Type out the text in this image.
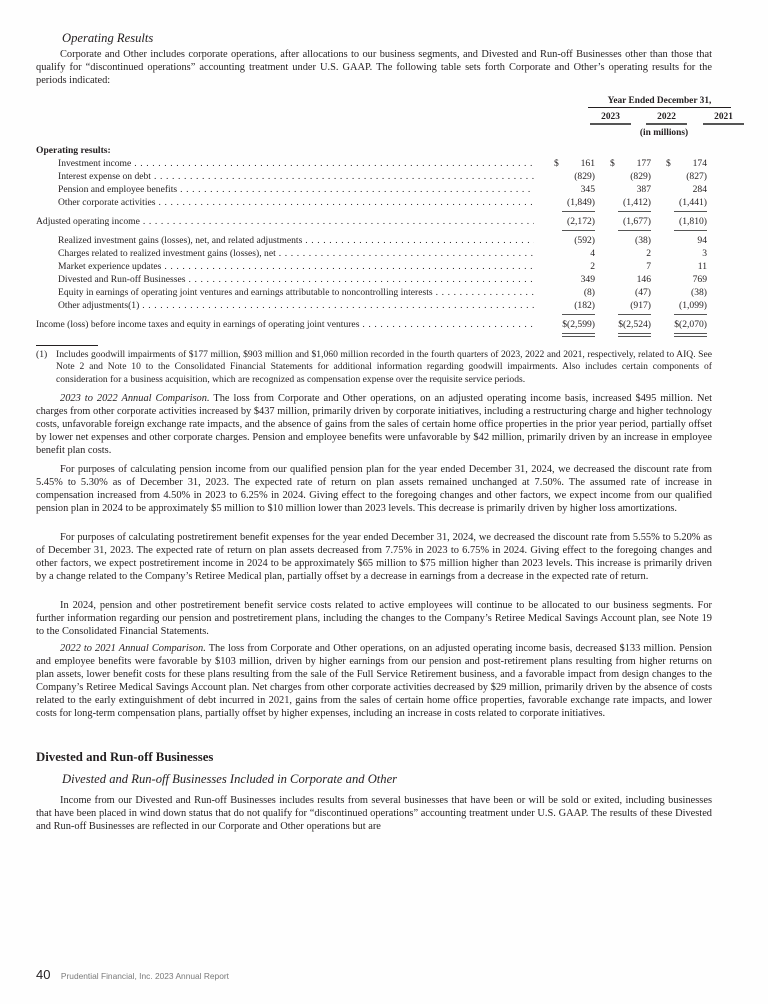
Operating Results
Corporate and Other includes corporate operations, after allocations to our business segments, and Divested and Run-off Businesses other than those that qualify for “discontinued operations” accounting treatment under U.S. GAAP. The following table sets forth Corporate and Other’s operating results for the periods indicated:
Year Ended December 31,
2023	2022	2021
(in millions)
Operating results:
Investment income . . .	$ 161 $ 177 $ 174
Interest expense on debt . . .	(829)	(829)	(827)
Pension and employee benefits . . .	345	387	284
Other corporate activities . . .	(1,849)	(1,412)	(1,441)
Adjusted operating income . . .	(2,172)	(1,677)	(1,810)
Realized investment gains (losses), net, and related adjustments . . .	(592)	(38)	94
Charges related to realized investment gains (losses), net . . .	4	2	3
Market experience updates . . .	2	7	11
Divested and Run-off Businesses . . .	349	146	769
Equity in earnings of operating joint ventures and earnings attributable to noncontrolling interests . . .	(8)	(47)	(38)
Other adjustments(1) . . .	(182)	(917)	(1,099)
Income (loss) before income taxes and equity in earnings of operating joint ventures . . .	$(2,599)	$(2,524)	$(2,070)
(1) Includes goodwill impairments of $177 million, $903 million and $1,060 million recorded in the fourth quarters of 2023, 2022 and 2021, respectively, related to AIQ. See Note 2 and Note 10 to the Consolidated Financial Statements for additional information regarding goodwill impairments. Also includes certain components of consideration for a business acquisition, which are recognized as compensation expense over the requisite service periods.
2023 to 2022 Annual Comparison. The loss from Corporate and Other operations, on an adjusted operating income basis, increased $495 million. Net charges from other corporate activities increased by $437 million, primarily driven by corporate initiatives, including a restructuring charge and higher technology costs, unfavorable foreign exchange rate impacts, and the absence of gains from the sales of certain home office properties in the prior year period, partially offset by lower net expenses and other corporate charges. Pension and employee benefits were unfavorable by $42 million, primarily driven by an increase in employee benefit plan costs.
For purposes of calculating pension income from our qualified pension plan for the year ended December 31, 2024, we decreased the discount rate from 5.45% to 5.30% as of December 31, 2023. The expected rate of return on plan assets remained unchanged at 7.50%. The assumed rate of increase in compensation increased from 4.50% in 2023 to 6.25% in 2024. Giving effect to the foregoing changes and other factors, we expect income from our qualified pension plan in 2024 to be approximately $5 million to $10 million lower than 2023 levels. This decrease is primarily driven by higher loss amortizations.
For purposes of calculating postretirement benefit expenses for the year ended December 31, 2024, we decreased the discount rate from 5.55% to 5.20% as of December 31, 2023. The expected rate of return on plan assets decreased from 7.75% in 2023 to 6.75% in 2024. Giving effect to the foregoing changes and other factors, we expect postretirement income in 2024 to be approximately $65 million to $75 million higher than 2023 levels. This increase is primarily driven by a change related to the Company’s Retiree Medical plan, partially offset by a decrease in earnings from a decrease in the expected rate of return.
In 2024, pension and other postretirement benefit service costs related to active employees will continue to be allocated to our business segments. For further information regarding our pension and postretirement plans, including the changes to the Company’s Retiree Medical Savings Account plan, see Note 19 to the Consolidated Financial Statements.
2022 to 2021 Annual Comparison. The loss from Corporate and Other operations, on an adjusted operating income basis, decreased $133 million. Pension and employee benefits were favorable by $103 million, driven by higher earnings from our pension and post-retirement plans resulting from higher returns on plan assets, lower benefit costs for these plans resulting from the sale of the Full Service Retirement business, and a favorable impact from design changes to the Company’s Retiree Medical Savings Account plan. Net charges from other corporate activities decreased by $29 million, primarily driven by the absence of costs related to the early extinguishment of debt incurred in 2021, gains from the sales of certain home office properties, favorable exchange rate impacts, and lower costs for long-term compensation plans, partially offset by higher expenses, including an increase in costs related to corporate initiatives.
Divested and Run-off Businesses
Divested and Run-off Businesses Included in Corporate and Other
Income from our Divested and Run-off Businesses includes results from several businesses that have been or will be sold or exited, including businesses that have been placed in wind down status that do not qualify for “discontinued operations” accounting treatment under U.S. GAAP. The results of these Divested and Run-off Businesses are reflected in our Corporate and Other operations but are
40 Prudential Financial, Inc. 2023 Annual Report
